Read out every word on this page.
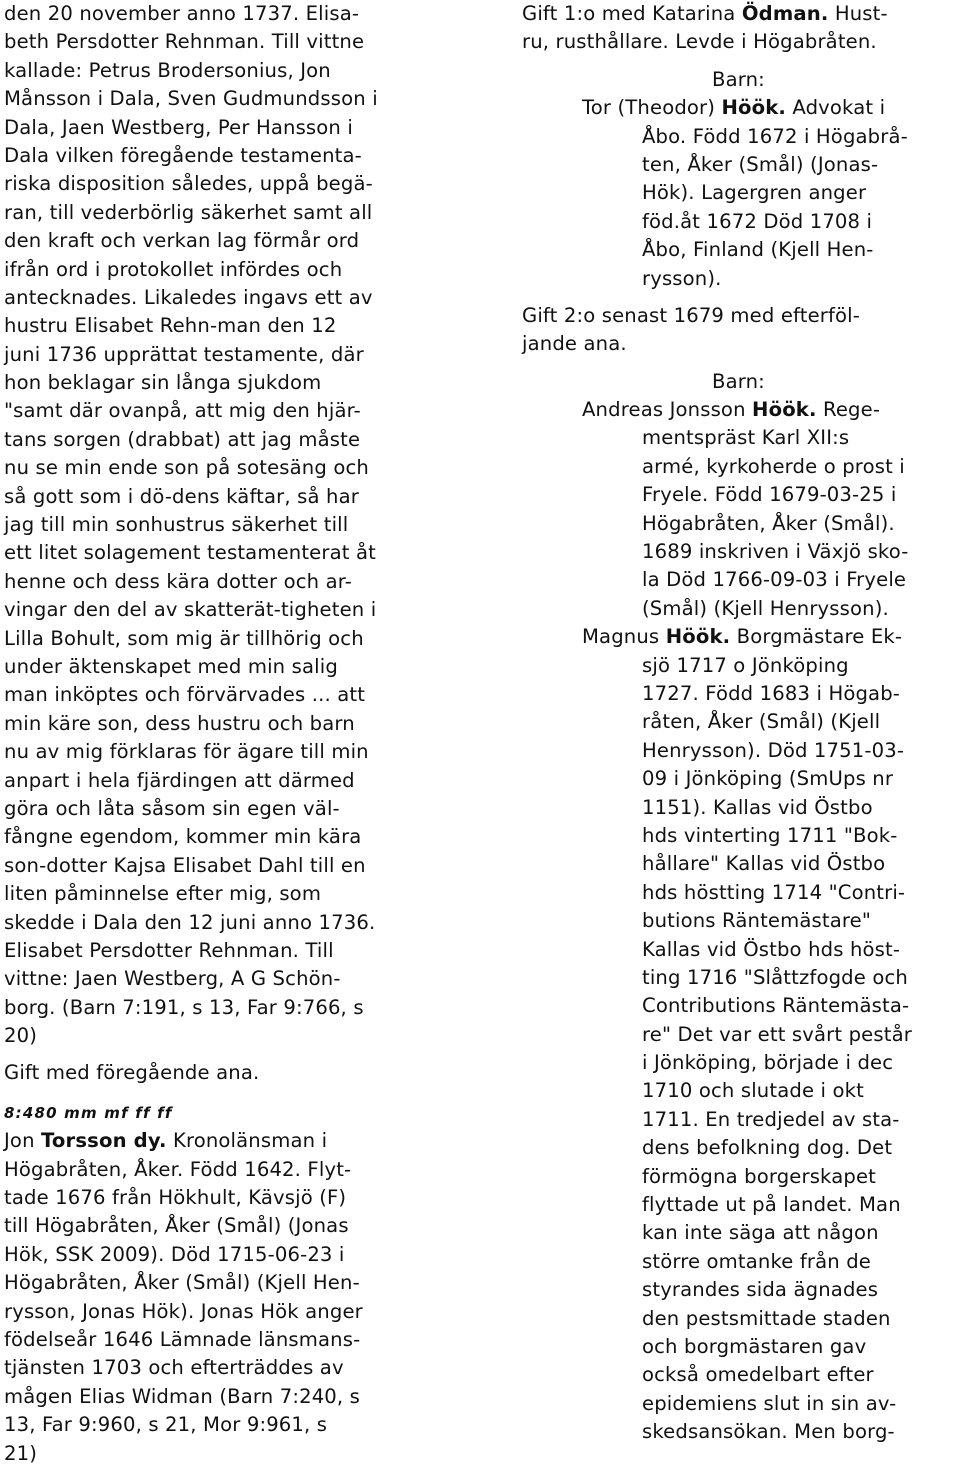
den 20 november anno 1737. Elisa-
beth Persdotter Rehnman. Till vittne
kallade: Petrus Brodersonius, Jon
Månsson i Dala, Sven Gudmundsson i
Dala, Jaen Westberg, Per Hansson i
Dala vilken föregående testamenta-
riska disposition således, uppå begä-
ran, till vederbörlig säkerhet samt all
den kraft och verkan lag förmår ord
ifrån ord i protokollet infördes och
antecknades. Likaledes ingavs ett av
hustru Elisabet Rehn-man den 12
juni 1736 upprättat testamente, där
hon beklagar sin långa sjukdom
"samt där ovanpå, att mig den hjär-
tans sorgen (drabbat) att jag måste
nu se min ende son på sotesäng och
så gott som i dö-dens käftar, så har
jag till min sonhustrus säkerhet till
ett litet solagement testamenterat åt
henne och dess kära dotter och ar-
vingar den del av skatterät-tigheten i
Lilla Bohult, som mig är tillhörig och
under äktenskapet med min salig
man inköptes och förvärvades ... att
min käre son, dess hustru och barn
nu av mig förklaras för ägare till min
anpart i hela fjärdingen att därmed
göra och låta såsom sin egen väl-
fångne egendom, kommer min kära
son-dotter Kajsa Elisabet Dahl till en
liten påminnelse efter mig, som
skedde i Dala den 12 juni anno 1736.
Elisabet Persdotter Rehnman. Till
vittne: Jaen Westberg, A G Schön-
borg. (Barn 7:191, s 13, Far 9:766, s
20)
Gift med föregående ana.
8:480 mm mf ff ff
Jon Torsson dy. Kronolänsman i
Högabråten, Åker. Född 1642. Flyt-
tade 1676 från Hökhult, Kävsjö (F)
till Högabråten, Åker (Smål) (Jonas
Hök, SSK 2009). Död 1715-06-23 i
Högabråten, Åker (Smål) (Kjell Hen-
rysson, Jonas Hök). Jonas Hök anger
födelseår 1646 Lämnade länsmans-
tjänsten 1703 och efterträddes av
mågen Elias Widman (Barn 7:240, s
13, Far 9:960, s 21, Mor 9:961, s
21)
Gift 1:o med Katarina Ödman. Hust-
ru, rusthållare. Levde i Högabråten.
Barn:
Tor (Theodor) Höök. Advokat i
Åbo. Född 1672 i Högabrå-
ten, Åker (Smål) (Jonas-
Hök). Lagergren anger
föd.åt 1672 Död 1708 i
Åbo, Finland (Kjell Hen-
rysson).
Gift 2:o senast 1679 med efterföl-
jande ana.
Barn:
Andreas Jonsson Höök. Rege-
mentspräst Karl XII:s
armé, kyrkoherde o prost i
Fryele. Född 1679-03-25 i
Högabråten, Åker (Smål).
1689 inskriven i Växjö sko-
la Död 1766-09-03 i Fryele
(Smål) (Kjell Henrysson).
Magnus Höök. Borgmästare Ek-
sjö 1717 o Jönköping
1727. Född 1683 i Högab-
råten, Åker (Smål) (Kjell
Henrysson). Död 1751-03-
09 i Jönköping (SmUps nr
1151). Kallas vid Östbo
hds vinterting 1711 "Bok-
hållare" Kallas vid Östbo
hds höstting 1714 "Contri-
butions Räntemästare"
Kallas vid Östbo hds höst-
ting 1716 "Slåttzfogde och
Contributions Räntemästa-
re" Det var ett svårt pestår
i Jönköping, började i dec
1710 och slutade i okt
1711. En tredjedel av sta-
dens befolkning dog. Det
förmögna borgerskapet
flyttade ut på landet. Man
kan inte säga att någon
större omtanke från de
styrandes sida ägnades
den pestsmittade staden
och borgmästaren gav
också omedelbart efter
epidemiens slut in sin av-
skedsansökan. Men borg-
